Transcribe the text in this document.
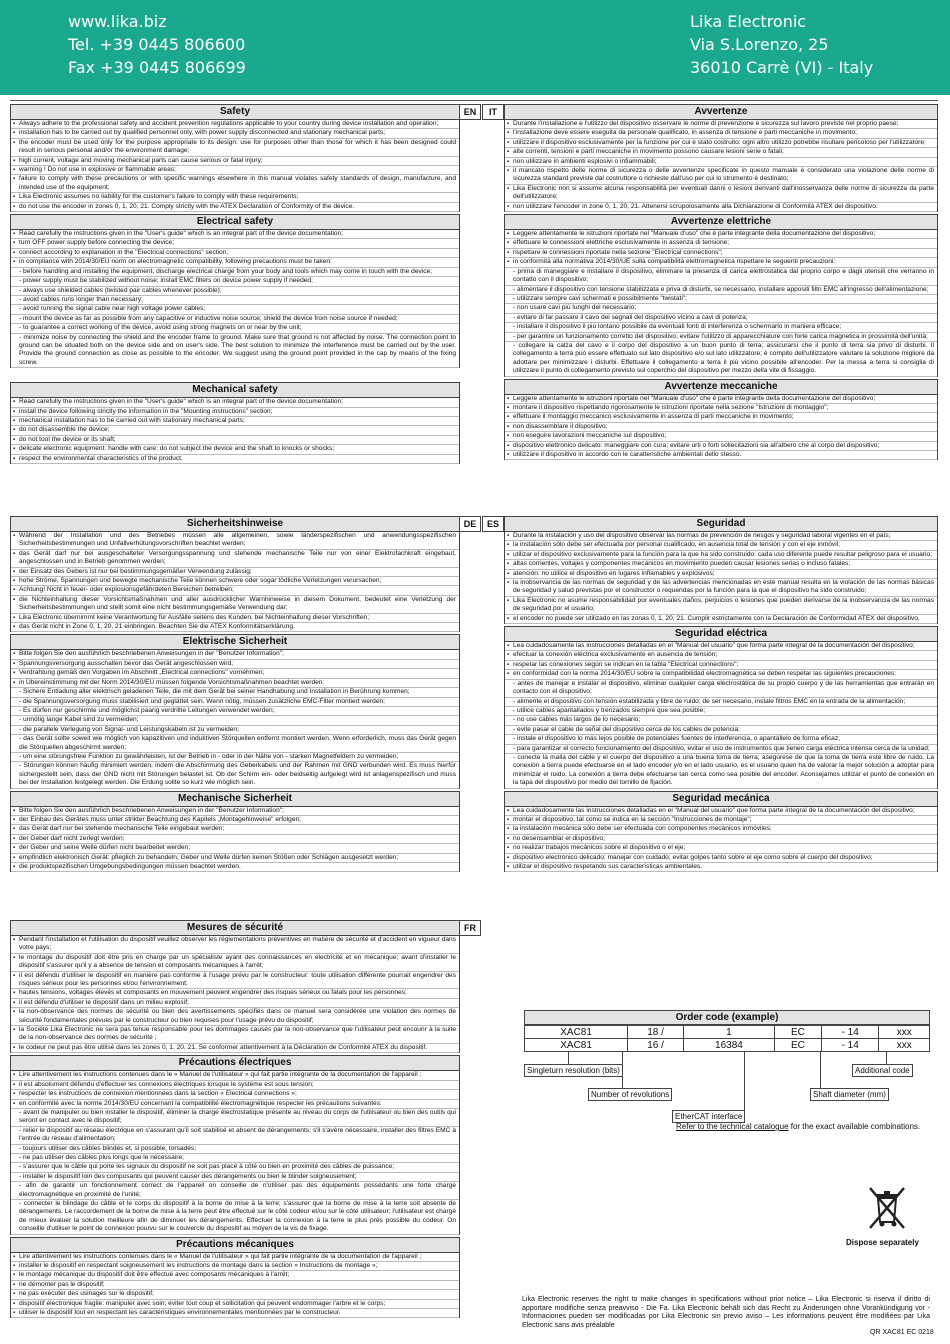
www.lika.biz
Tel. +39 0445 806600
Fax +39 0445 806699
Lika Electronic
Via S.Lorenzo, 25
36010 Carrè (VI) - Italy
Safety	EN
▪ Always adhere to the professional safety and accident prevention regulations applicable to your country during device installation and operation;
▪ installation has to be carried out by qualified personnel only, with power supply disconnected and stationary mechanical parts;
▪ the encoder must be used only for the purpose appropriate to its design: use for purposes other than those for which it has been designed could result in serious personal and/or the environment damage;
▪ high current, voltage and moving mechanical parts can cause serious or fatal injury;
▪ warning ! Do not use in explosive or flammable areas;
▪ failure to comply with these precautions or with specific warnings elsewhere in this manual violates safety standards of design, manufacture, and intended use of the equipment;
▪ Lika Electronic assumes no liability for the customer's failure to comply with these requirements;
▪ do not use the encoder in zones 0, 1, 20, 21. Comply strictly with the ATEX Declaration of Conformity of the device.
Electrical safety
▪ Read carefully the instructions given in the "User's guide" which is an integral part of the device documentation;
▪ turn OFF power supply before connecting the device;
▪ connect according to explanation in the "Electrical connections" section;
▪ in compliance with 2014/30/EU norm on electromagnetic compatibility, following precautions must be taken:
- before handling and installing the equipment, discharge electrical charge from your body and tools which may come in touch with the device;
- power supply must be stabilized without noise; install EMC filters on device power supply if needed;
- always use shielded cables (twisted pair cables whenever possible);
- avoid cables runs longer than necessary;
- avoid running the signal cable near high voltage power cables;
- mount the device as far as possible from any capacitive or inductive noise source; shield the device from noise source if needed;
- to guarantee a correct working of the device, avoid using strong magnets on or near by the unit;
- minimize noise by connecting the shield and the encoder frame to ground. Make sure that ground is not affected by noise. The connection point to ground can be situated both on the device side and on user's side. The best solution to minimize the interference must be carried out by the user. Provide the ground connection as close as possible to the encoder. We suggest using the ground point provided in the cap by means of the fixing screw.
Mechanical safety
▪ Read carefully the instructions given in the "User's guide" which is an integral part of the device documentation;
▪ install the device following strictly the information in the "Mounting instructions" section;
▪ mechanical installation has to be carried out with stationary mechanical parts;
▪ do not disassemble the device;
▪ do not tool the device or its shaft;
▪ delicate electronic equipment: handle with care; do not subject the device and the shaft to knocks or shocks;
▪ respect the environmental characteristics of the product.
Avvertenze
▪ Durante l'installazione e l'utilizzo del dispositivo osservare le norme di prevenzione e sicurezza sul lavoro previste nel proprio paese;
▪ l'installazione deve essere eseguita da personale qualificato, in assenza di tensione e parti meccaniche in movimento;
▪ utilizzare il dispositivo esclusivamente per la funzione per cui è stato costruito: ogni altro utilizzo potrebbe risultare pericoloso per l'utilizzatore;
▪ alte correnti, tensioni e parti meccaniche in movimento possono causare lesioni serie o fatali;
▪ non utilizzare in ambienti esplosivi o infiammabili;
▪ il mancato rispetto delle norme di sicurezza o delle avvertenze specificate in questo manuale è considerato una violazione delle norme di sicurezza standard previste dal costruttore o richieste dall'uso per cui lo strumento è destinato;
▪ Lika Electronic non si assume alcuna responsabilità per eventuali danni o lesioni derivanti dall'inosservanza delle norme di sicurezza da parte dell'utilizzatore;
▪ non utilizzare l'encoder in zone 0, 1, 20, 21. Attenersi scrupolosamente alla Dichiarazione di Conformità ATEX del dispositivo.
Avvertenze elettriche
▪ Leggere attentamente le istruzioni riportate nel "Manuale d'uso" che è parte integrante della documentazione del dispositivo;
▪ effettuare le connessioni elettriche esclusivamente in assenza di tensione;
▪ rispettare le connessioni riportate nella sezione "Electrical connections";
▪ in conformità alla normativa 2014/30/UE sulla compatibilità elettromagnetica rispettare le seguenti precauzioni:
- prima di maneggiare e installare il dispositivo, eliminare la presenza di carica elettrostatica dal proprio corpo e dagli utensili che verranno in contatto con il dispositivo;
- alimentare il dispositivo con tensione stabilizzata e priva di disturbi, se necessario, installare appositi filtri EMC all'ingresso dell'alimentazione;
- utilizzare sempre cavi schermati e possibilmente "twistati";
- non usare cavi più lunghi del necessario;
- evitare di far passare il cavo dei segnali del dispositivo vicino a cavi di potenza;
- installare il dispositivo il più lontano possibile da eventuali fonti di interferenza o schermarlo in maniera efficace;
- per garantire un funzionamento corretto del dispositivo, evitare l'utilizzo di apparecchiature con forte carica magnetica in prossimità dell'unità;
- collegare la calza del cavo e il corpo del dispositivo a un buon punto di terra; assicurarsi che il punto di terra sia privo di disturbi. Il collegamento a terra può essere effettuato sul lato dispositivo e/o sul lato utilizzatore; è compito dell'utilizzatore valutare la soluzione migliore da adottare per minimizzare i disturbi. Effettuare il collegamento a terra il più vicino possibile all'encoder. Per la messa a terra si consiglia di utilizzare il punto di collegamento previsto sul coperchio del dispositivo per mezzo della vite di fissaggio.
Avvertenze meccaniche
▪ Leggere attentamente le istruzioni riportate nel "Manuale d'uso" che è parte integrante della documentazione del dispositivo;
▪ montare il dispositivo rispettando rigorosamente le istruzioni riportate nella sezione "Istruzioni di montaggio";
▪ effettuare il montaggio meccanico esclusivamente in assenza di parti meccaniche in movimento;
▪ non disassemblare il dispositivo;
▪ non eseguire lavorazioni meccaniche sul dispositivo;
▪ dispositivo elettronico delicato: maneggiare con cura; evitare urti o forti sollecitazioni sia all'albero che al corpo del dispositivo;
▪ utilizzare il dispositivo in accordo con le caratteristiche ambientali dello stesso.
IT
Sicherheitshinweise	DE
▪ Während der Installation und des Betriebes müssen alle allgemeinen, sowie länderspezifischen und anwendungsspezifischen Sicherheitsbestimmungen und Unfallverhütungsvorschriften beachtet werden;
▪ das Gerät darf nur bei ausgeschalteter Versorgungsspannung und stehende mechanische Teile nur von einer Elektrofachkraft eingebaut, angeschlossen und in Betrieb genommen werden;
▪ der Einsatz des Gebers ist nur bei bestimmungsgemäßer Verwendung zulässig;
▪ hohe Ströme, Spannungen und bewegte mechanische Teile können schwere oder sogar tödliche Verletzungen verursachen;
▪ Achtung! Nicht in feuer- oder explosionsgefährdeten Bereichen betreiben;
▪ die Nichteinhaltung dieser Vorsichtsmaßnahmen und aller ausdrücklicher Warnhinweise in diesem Dokument, bedeutet eine Verletzung der Sicherheitsbestimmungen und stellt somit eine nicht bestimmungsgemäße Verwendung dar;
▪ Lika Electronic übernimmt keine Verantwortung für Ausfälle seitens des Kunden, bei Nichteinhaltung dieser Vorschriften;
▪ das Gerät nicht in Zone 0, 1, 20, 21 einbringen. Beachten Sie die ATEX Konformitätserklärung.
Elektrische Sicherheit
▪ Bitte folgen Sie den ausführlich beschriebenen Anweisungen in der "Benutzer Information";
▪ Spannungsversorgung ausschalten bevor das Gerät angeschlossen wird;
▪ Verdrahtung gemäß den Vorgaben im Abschnitt „Electrical connections" vornehmen;
▪ in Übereinstimmung mit der Norm 2014/30/EU müssen folgende Vorsichtsmaßnahmen beachtet werden:
- Sichere Entladung aller elektrisch geladenen Teile, die mit dem Gerät bei seiner Handhabung und Installation in Berührung kommen;
- die Spannungsversorgung muss stabilisiert und geglättet sein. Wenn nötig, müssen zusätzliche EMC-Filter montiert werden;
- Es dürfen nur geschirmte und möglichst paarig verdrillte Leitungen verwendet werden;
- unnötig lange Kabel sind zu vermeiden;
- die parallele Verlegung von Signal- und Leistungskabeln ist zu vermeiden;
- das Gerät sollte soweit wie möglich von kapazitiven und induktiven Störquellen entfernt montiert werden. Wenn erforderlich, muss das Gerät gegen die Störquellen abgeschirmt werden;
- um eine störungsfreie Funktion zu gewährleisten, ist der Betrieb in - oder in der Nähe von - starken Magnetfeldern zu vermeiden;
- Störungen können häufig minimiert werden, indem die Abschirmung des Geberkabels und der Rahmen mit GND verbunden wird. Es muss hierfür sichergestellt sein, dass der GND nicht mit Störungen belastet ist. Ob der Schirm ein- oder beidseitig aufgelegt wird ist anlagenspezifisch und muss bei der Installation festgelegt werden. Die Erdung sollte so kurz wie möglich sein.
Mechanische Sicherheit
▪ Bitte folgen Sie den ausführlich beschriebenen Anweisungen in der "Benutzer Information";
▪ der Einbau des Gerätes muss unter strikter Beachtung des Kapitels „Montagehinweise" erfolgen;
▪ das Gerät darf nur bei stehende mechanische Teile eingebaut werden;
▪ der Geber darf nicht zerlegt werden;
▪ der Geber und seine Welle dürfen nicht bearbeitet werden;
▪ empfindlich elektronisch Gerät: pfleglich zu behandeln; Geber und Welle dürfen keinen Stößen oder Schlägen ausgesetzt werden;
▪ die produktspezifischen Umgebungsbedingungen müssen beachtet werden.
Seguridad
▪ Durante la instalación y uso del dispositivo observar las normas de prevención de riesgos y seguridad laboral vigentes en el país;
▪ la instalación sólo debe ser efectuada por personal cualificado, en ausencia total de tensión y con el eje inmóvil;
▪ utilizar el dispositivo exclusivamente para la función para la que ha sido construido: cada uso diferente puede resultar peligroso para el usuario;
▪ altas corrientes, voltajes y componentes mecánicos en movimiento pueden causar lesiones serias o incluso fatales;
▪ atención: no utilice el dispositivo en lugares inflamables y explosivos;
▪ la inobservancia de las normas de seguridad y de las advertencias mencionadas en este manual resulta en la violación de las normas básicas de seguridad y salud previstas por el constructor o requeridas por la función para la que el dispositivo ha sido construido;
▪ Lika Electronic no asume responsabilidad por eventuales daños, perjuicios o lesiones que pueden derivarse de la inobservancia de las normas de seguridad por el usuario;
▪ el encoder no puede ser utilizado en las zonas 0, 1, 20, 21. Cumplir estrictamente con la Declaración de Conformidad ATEX del dispositivo.
Seguridad eléctrica
▪ Lea cuidadosamente las instrucciones detalladas en el "Manual del usuario" que forma parte integral de la documentación del dispositivo;
▪ efectuar la conexión eléctrica exclusivamente en ausencia de tensión;
▪ respetar las conexiones según se indican en la tabla "Electrical connections";
▪ en conformidad con la norma 2014/30/EU sobre la compatibilidad electromagnética se deben respetar las siguientes precauciones:
- antes de manejar e instalar el dispositivo, eliminar cualquier carga electrostática de su propio cuerpo y de las herramientas que entrarán en contacto con el dispositivo;
- alimente el dispositivo con tensión estabilizada y libre de ruido; de ser necesario, instale filtros EMC en la entrada de la alimentación;
- utilice cables apantallados y trenzados siempre que sea posible;
- no use cables más largos de lo necesario;
- evite pasar el cable de señal del dispositivo cerca de los cables de potencia;
- instale el dispositivo lo más lejos posible de potenciales fuentes de interferencia, o apantállelo de forma eficaz;
- para garantizar el correcto funcionamiento del dispositivo, evitar el uso de instrumentos que tienen carga eléctrica intensa cerca de la unidad;
- conecte la malla del cable y el cuerpo del dispositivo a una buena toma de tierra; asegúrese de que la toma de tierra esté libre de ruido. La conexión a tierra puede efectuarse en el lado encoder y/o en el lado usuario, es el usuario quien ha de valorar la mejor solución a adoptar para minimizar el ruido. La conexión a tierra debe efectuarse tan cerca como sea posible del encoder. Aconsejamos utilizar el punto de conexión en la tapa del dispositivo por medio del tornillo de fijación.
Seguridad mecánica
▪ Lea cuidadosamente las instrucciones detalladas en el "Manual del usuario" que forma parte integral de la documentación del dispositivo;
▪ montar el dispositivo, tal como se indica en la sección "Instrucciones de montaje";
▪ la instalación mecánica sólo debe ser efectuada con componentes mecánicos inmóviles;
▪ no desensamblar el dispositivo;
▪ no realizar trabajos mecánicos sobre el dispositivo o el eje;
▪ dispositivo electrónico delicado: manejar con cuidado; evitar golpes tanto sobre el eje como sobre el cuerpo del dispositivo;
▪ utilizar el dispositivo respetando sus características ambientales.
ES
Mesures de sécurité	FR
▪ Pendant l'installation et l'utilisation du dispositif veuillez observer les réglementations préventives en matière de sécurité et d'accident en vigueur dans votre pays;
▪ le montage du dispositif doit être pris en charge par un spécialiste ayant des connaissances en électricité et en mécanique; avant d'installer le dispositif s'assurer qu'il y a absence de tension et composants mécaniques à l'arrêt;
▪ il est défendu d'utiliser le dispositif en manière pas conforme à l'usage prévu par le constructeur: toute utilisation différente pourrait engendrer des risques sérieux pour les personnes et/ou l'environnement;
▪ hautes tensions, voltages élevés et composants en mouvement peuvent engendrer des risques sérieux ou fatals pour les personnes;
▪ il est défendu d'utiliser le dispositif dans un milieu explosif;
▪ la non-observance des normes de sécurité ou bien des avertissements spécifiés dans ce manuel sera considérée une violation des normes de sécurité fondamentales prévues par le constructeur ou bien requises pour l'usage prévu du dispositif;
▪ la Société Lika Electronic ne sera pas tenue responsable pour les dommages causés par la non-observance que l'utilisateur peut encourir à la suite de la non-observance des normes de sécurité ;
▪ le codeur ne peut pas être utilisé dans les zones 0, 1, 20, 21. Se conformer attentivement à la Déclaration de Conformité ATEX du dispositif.
Précautions électriques
▪ Lire attentivement les instructions contenues dans le « Manuel de l'utilisateur » qui fait partie intégrante de la documentation de l'appareil ;
▪ il est absolument défendu d'effectuer les connexions électriques lorsque le système est sous tension;
▪ respecter les instructions de connexion mentionnées dans la section « Electrical connections »;
▪ en conformité avec la norme 2014/30/EU concernant la compatibilité électromagnétique respecter les précautions suivantes:
- avant de manipuler ou bien installer le dispositif, éliminer la charge électrostatique présente au niveau du corps de l'utilisateur ou bien des outils qui seront en contact avec le dispositif;
- relier le dispositif au réseau électrique en s'assurant qu'il soit stabilisé et absent de dérangements; s'il s'avère nécessaire, installer des filtres EMC à l'entrée du réseau d'alimentation;
- toujours utiliser des câbles blindés et, si possible, torsadés;
- ne pas utiliser des câbles plus longs que le nécessaire;
- s'assurer que le câble qui porte les signaux du dispositif ne soit pas placé à côté ou bien en proximité des câbles de puissance;
- installer le dispositif loin des composants qui peuvent causer des dérangements ou bien le blinder soigneusement;
- afin de garantir un fonctionnement correct de l'appareil on conseille de n'utiliser pas des équipements possédants une forte charge électromagnétique en proximité de l'unité;
- connecter le blindage du câble et le corps du dispositif à la borne de mise à la terre; s'assurer que la borne de mise à la terre soit absente de dérangements. Le raccordement de la borne de mise à la terre peut être effectué sur le côté codeur et/ou sur le côté utilisateur; l'utilisateur est chargé de mieux évaluer la solution meilleure afin de diminuer les dérangements. Effectuer la connexion à la terre le plus près possible du codeur. On conseille d'utiliser le point de connexion pourvu sur le couvercle du dispositif au moyen de la vis de fixage.
Précautions mécaniques
▪ Lire attentivement les instructions contenues dans le « Manuel de l'utilisateur » qui fait partie intégrante de la documentation de l'appareil ;
▪ installer le dispositif en respectant soigneusement les instructions de montage dans la section « Instructions de montage »;
▪ le montage mécanique du dispositif doit être effectué avec composants mécaniques à l'arrêt;
▪ ne démonter pas le dispositif;
▪ ne pas exécuter des usinages sur le dispositif;
▪ dispositif électronique fragile: manipuler avec soin; éviter tout coup et sollicitation qui peuvent endommager l'arbre et le corps;
▪ utiliser le dispositif tout en respectant les caractéristiques environnementales mentionnées par le constructeur.
Order code (example)
XAC81	18 /	1	EC	- 14	xxx
XAC81	16 /	16384	EC	- 14	xxx
Singleturn resolution (bits)
Number of revolutions
EtherCAT interface
Additional code
Shaft diameter (mm)
Refer to the technical catalogue for the exact available combinations.
Dispose separately
Lika Electronic reserves the right to make changes in specifications without prior notice – Lika Electronic si riserva il diritto di apportare modifiche senza preavviso - Die Fa. Lika Electronic behält sich das Recht zu Änderungen ohne Vorankündigung vor - Informaciones pueden ser modificadas por Lika Electronic sin previo aviso – Les informations peuvent être modifiées par Lika Electronic sans avis préalable
QR XAC81 EC 0218
